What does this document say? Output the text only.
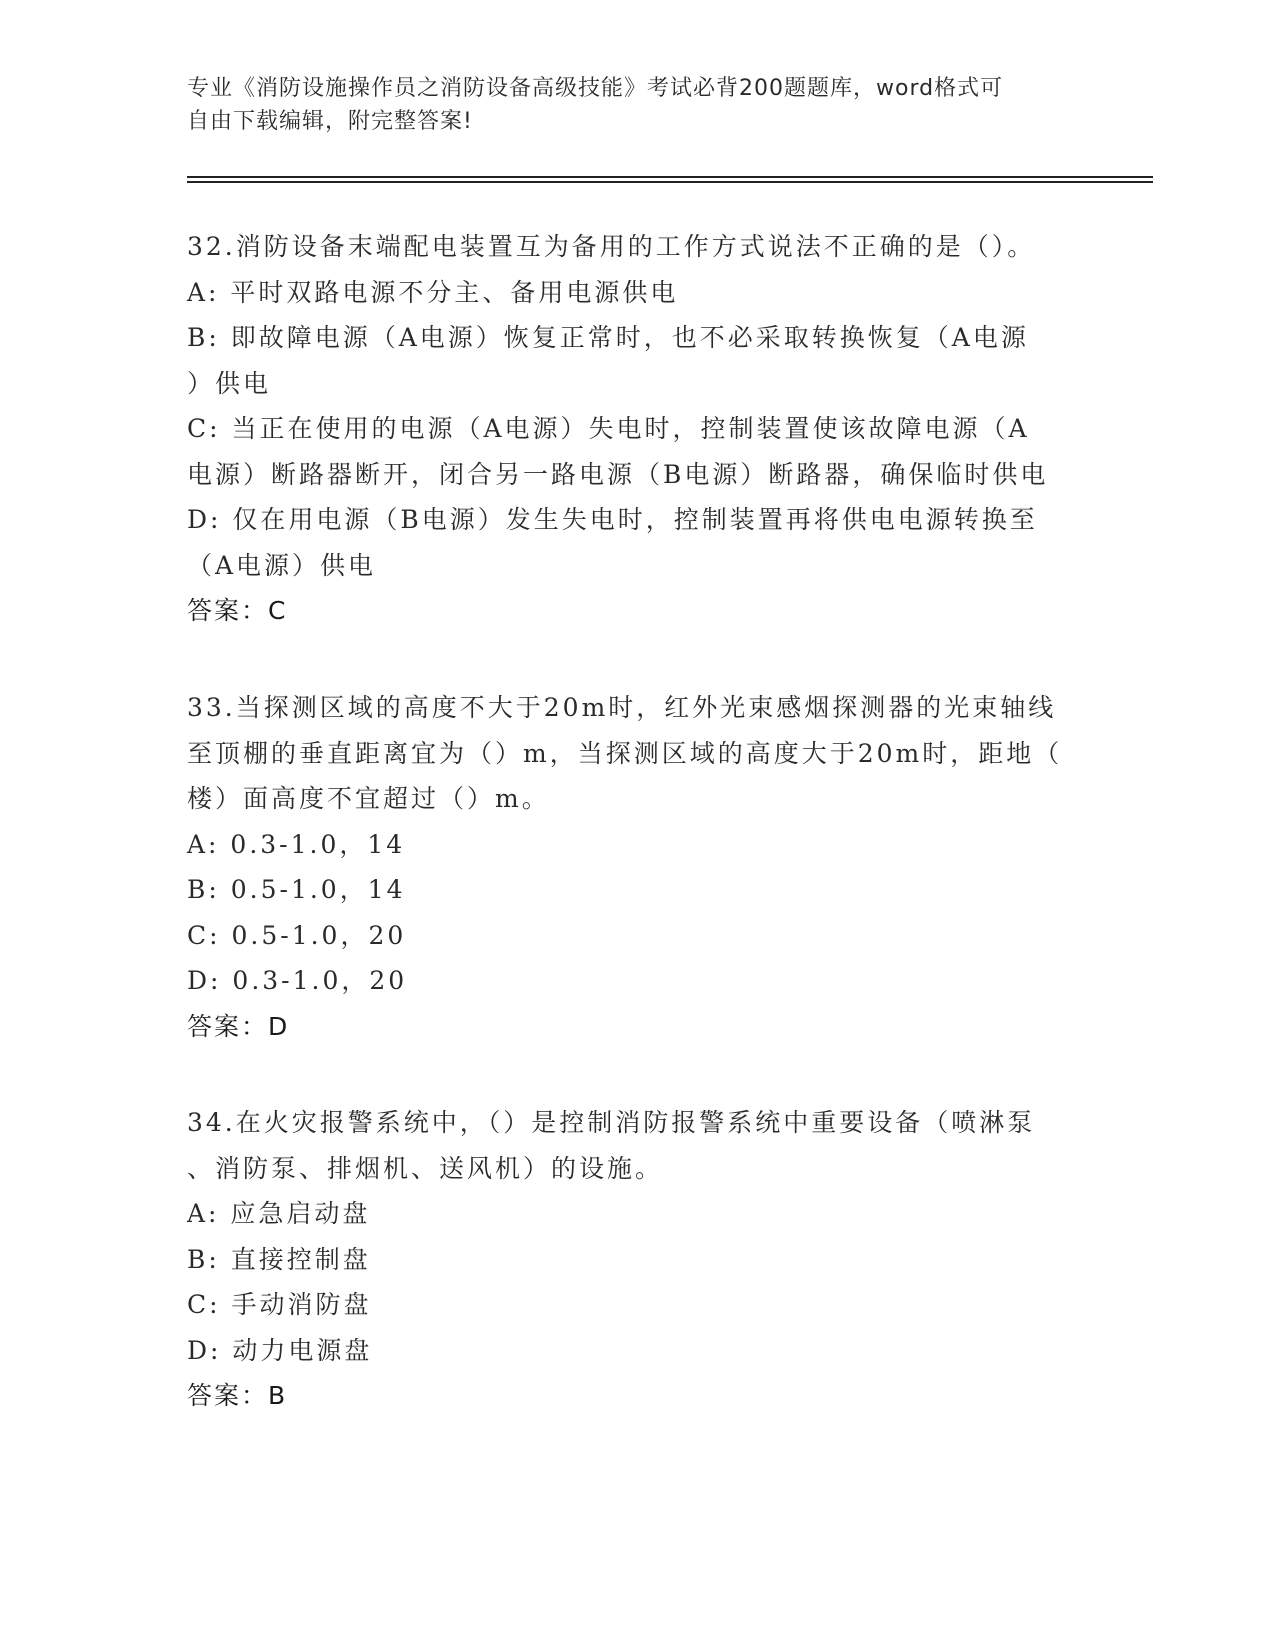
专业《消防设施操作员之消防设备高级技能》考试必背200题题库，word格式可
自由下载编辑，附完整答案!
32.消防设备末端配电装置互为备用的工作方式说法不正确的是（）。
A: 平时双路电源不分主、备用电源供电
B: 即故障电源（A电源）恢复正常时，也不必采取转换恢复（A电源
）供电
C: 当正在使用的电源（A电源）失电时，控制装置使该故障电源（A
电源）断路器断开，闭合另一路电源（B电源）断路器，确保临时供电
D: 仅在用电源（B电源）发生失电时，控制装置再将供电电源转换至
（A电源）供电
答案：C
33.当探测区域的高度不大于20m时，红外光束感烟探测器的光束轴线
至顶棚的垂直距离宜为（）m，当探测区域的高度大于20m时，距地（
楼）面高度不宜超过（）m。
A: 0.3-1.0，14
B: 0.5-1.0，14
C: 0.5-1.0，20
D: 0.3-1.0，20
答案：D
34.在火灾报警系统中，（）是控制消防报警系统中重要设备（喷淋泵
、消防泵、排烟机、送风机）的设施。
A: 应急启动盘
B: 直接控制盘
C: 手动消防盘
D: 动力电源盘
答案：B
